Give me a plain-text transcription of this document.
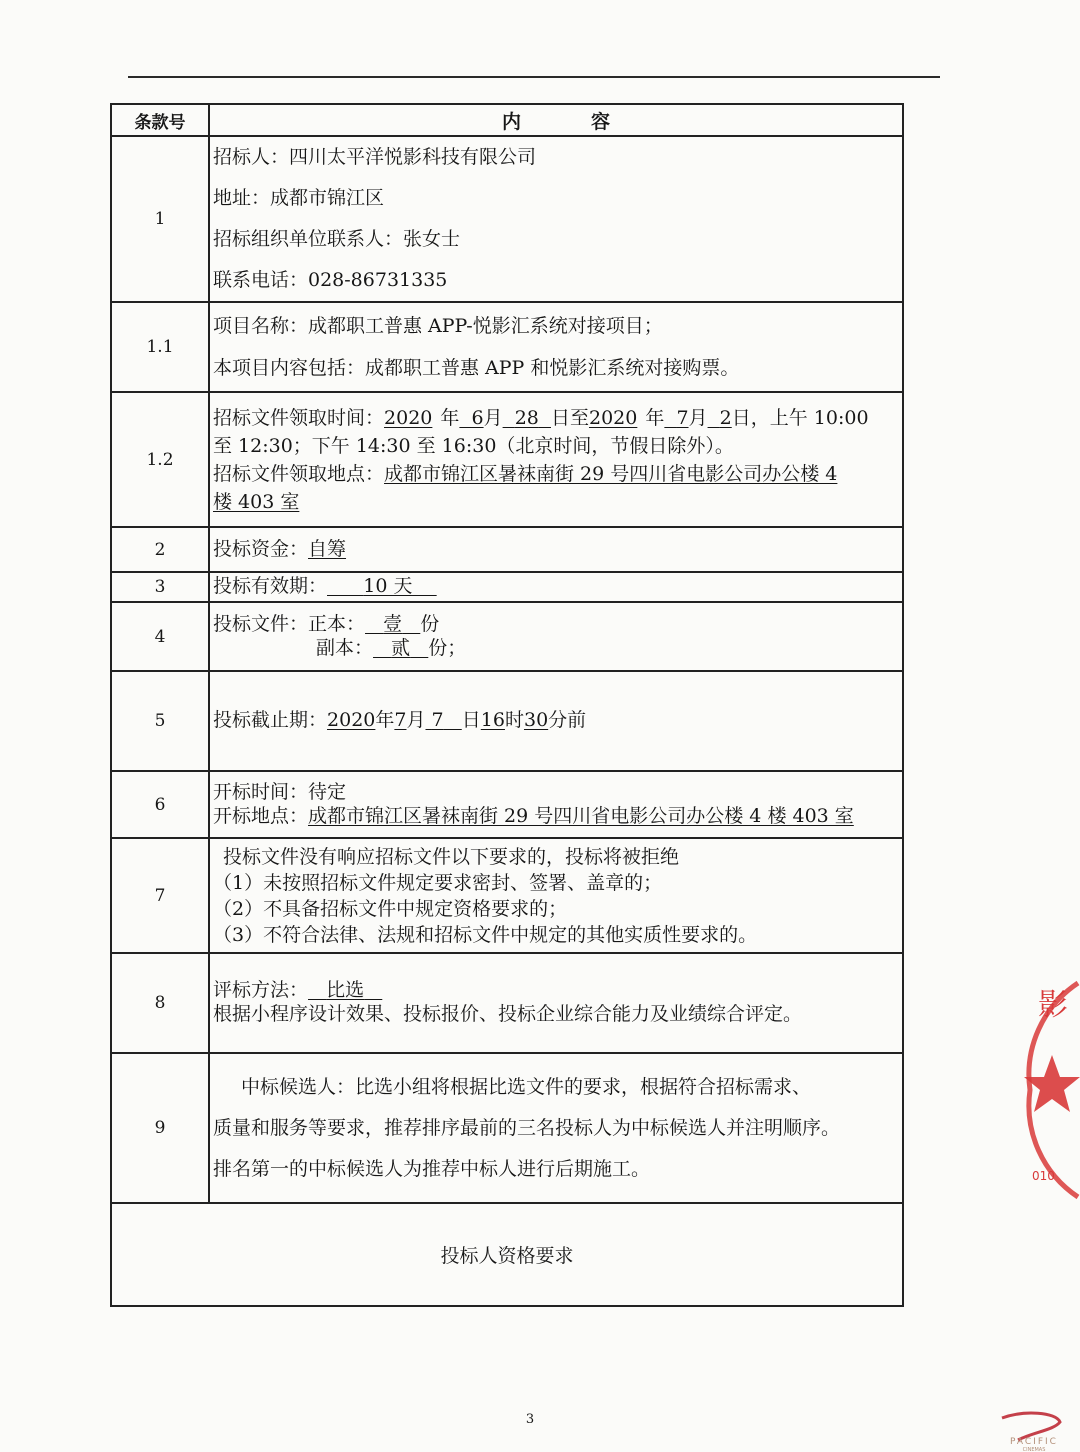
条款号	内 容
1	招标人：四川太平洋悦影科技有限公司
地址：成都市锦江区
招标组织单位联系人：张女士
联系电话：028-86731335

1.1	项目名称：成都职工普惠 APP-悦影汇系统对接项目；
本项目内容包括：成都职工普惠 APP 和悦影汇系统对接购票。

1.2	招标文件领取时间：2020 年 6月 28 日至2020 年 7月 2日，上午 10:00
至 12:30；下午 14:30 至 16:30（北京时间，节假日除外）。
招标文件领取地点：成都市锦江区暑袜南街 29 号四川省电影公司办公楼 4
楼 403 室

2	投标资金：自筹
3	投标有效期： 10 天
4	投标文件：正本： 壹 份
副本： 贰 份；

5	投标截止期：2020年7月 7 日16时30分前
6	开标时间：待定
开标地点：成都市锦江区暑袜南街 29 号四川省电影公司办公楼 4 楼 403 室

7	投标文件没有响应招标文件以下要求的，投标将被拒绝
（1）未按照招标文件规定要求密封、签署、盖章的；
（2）不具备招标文件中规定资格要求的；
（3）不符合法律、法规和招标文件中规定的其他实质性要求的。

8	评标方法： 比选
根据小程序设计效果、投标报价、投标企业综合能力及业绩综合评定。

9	中标候选人：比选小组将根据比选文件的要求，根据符合招标需求、
质量和服务等要求，推荐排序最前的三名投标人为中标候选人并注明顺序。
排名第一的中标候选人为推荐中标人进行后期施工。

投标人资格要求	
3
影
010
PACIFIC
CINEMAS
